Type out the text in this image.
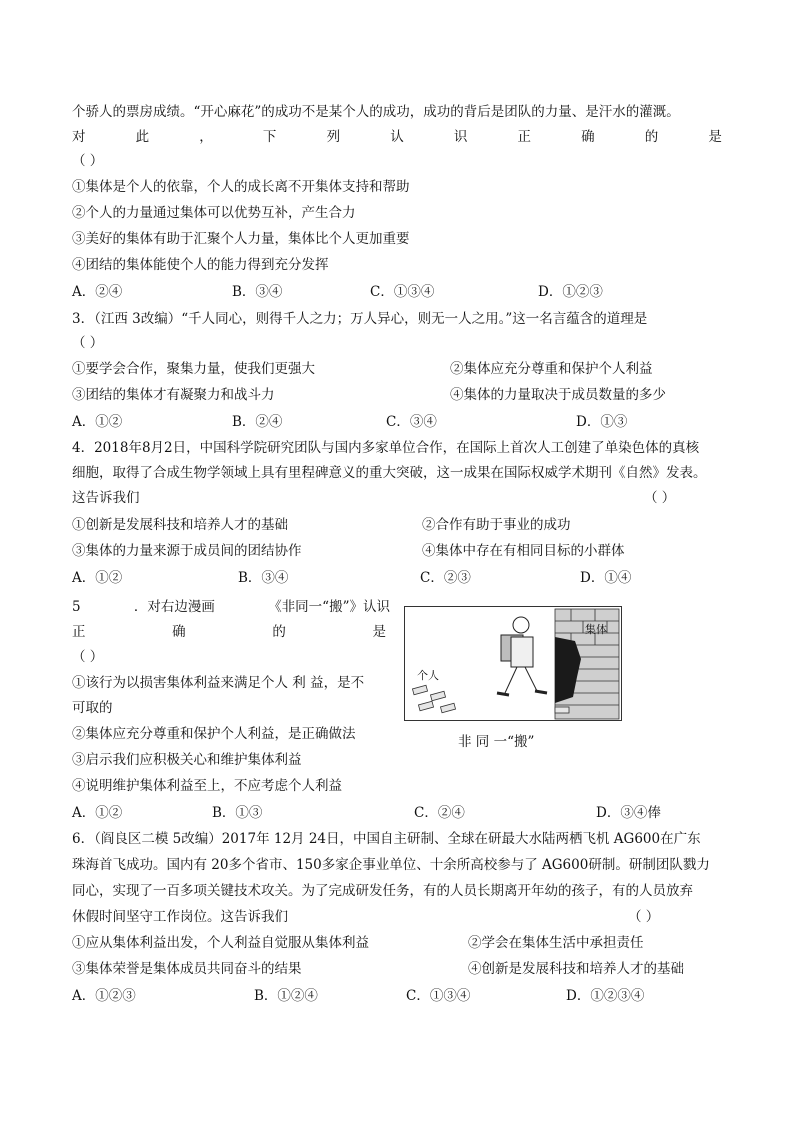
个骄人的票房成绩。“开心麻花”的成功不是某个人的成功，成功的背后是团队的力量、是汗水的灌溉。
对	此	，	下	列	认	识	正	确	的	是
（ ）
①集体是个人的依靠，个人的成长离不开集体支持和帮助
②个人的力量通过集体可以优势互补，产生合力
③美好的集体有助于汇聚个人力量，集体比个人更加重要
④团结的集体能使个人的能力得到充分发挥
A．②④	B．③④	C．①③④	D．①②③
3．（江西 3改编）“千人同心，则得千人之力；万人异心，则无一人之用。”这一名言蕴含的道理是
（ ）
①要学会合作，聚集力量，使我们更强大	②集体应充分尊重和保护个人利益
③团结的集体才有凝聚力和战斗力	④集体的力量取决于成员数量的多少
A．①②	B．②④	C．③④	D．①③
4．2018年8月2日，中国科学院研究团队与国内多家单位合作，在国际上首次人工创建了单染色体的真核
细胞，取得了合成生物学领域上具有里程碑意义的重大突破，这一成果在国际权威学术期刊《自然》发表。
这告诉我们	（ ）
①创新是发展科技和培养人才的基础	②合作有助于事业的成功
③集体的力量来源于成员间的团结协作	④集体中存在有相同目标的小群体
A．①②	B．③④	C．②③	D．①④
5	．对右边漫画	《非同一“搬”》认识
正	确	的	是
（ ）
①该行为以损害集体利益来满足个人 利 益，是不
可取的
②集体应充分尊重和保护个人利益，是正确做法
③启示我们应积极关心和维护集体利益
④说明维护集体利益至上，不应考虑个人利益
A．①②	B．①③	C．②④	D．③④俸
集体
个人
非 同 一“搬”
6．（阎良区二模 5改编）2017年 12月 24日，中国自主研制、全球在研最大水陆两栖飞机 AG600在广东
珠海首飞成功。国内有 20多个省市、150多家企事业单位、十余所高校参与了 AG600研制。研制团队戮力
同心，实现了一百多项关键技术攻关。为了完成研发任务，有的人员长期离开年幼的孩子，有的人员放弃
休假时间坚守工作岗位。这告诉我们	（ ）
①应从集体利益出发，个人利益自觉服从集体利益	②学会在集体生活中承担责任
③集体荣誉是集体成员共同奋斗的结果	④创新是发展科技和培养人才的基础
A．①②③	B．①②④	C．①③④	D．①②③④
